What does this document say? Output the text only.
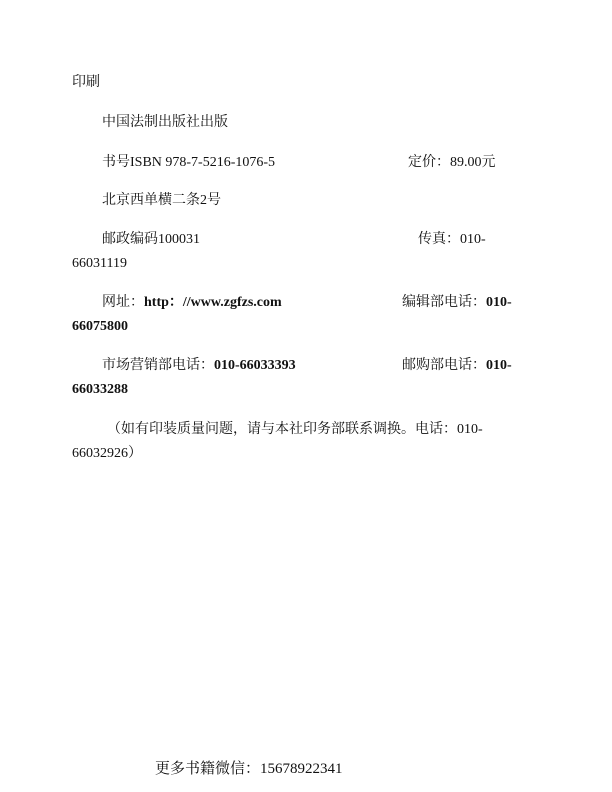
印刷
中国法制出版社出版
书号ISBN 978-7-5216-1076-5	定价：89.00元
北京西单横二条2号
邮政编码100031	传真：010-
66031119
网址：http：//www.zgfzs.com	编辑部电话：010-
66075800
市场营销部电话：010-66033393	邮购部电话：010-
66033288
（如有印装质量问题，请与本社印务部联系调换。电话：010-
66032926）
更多书籍微信：15678922341
